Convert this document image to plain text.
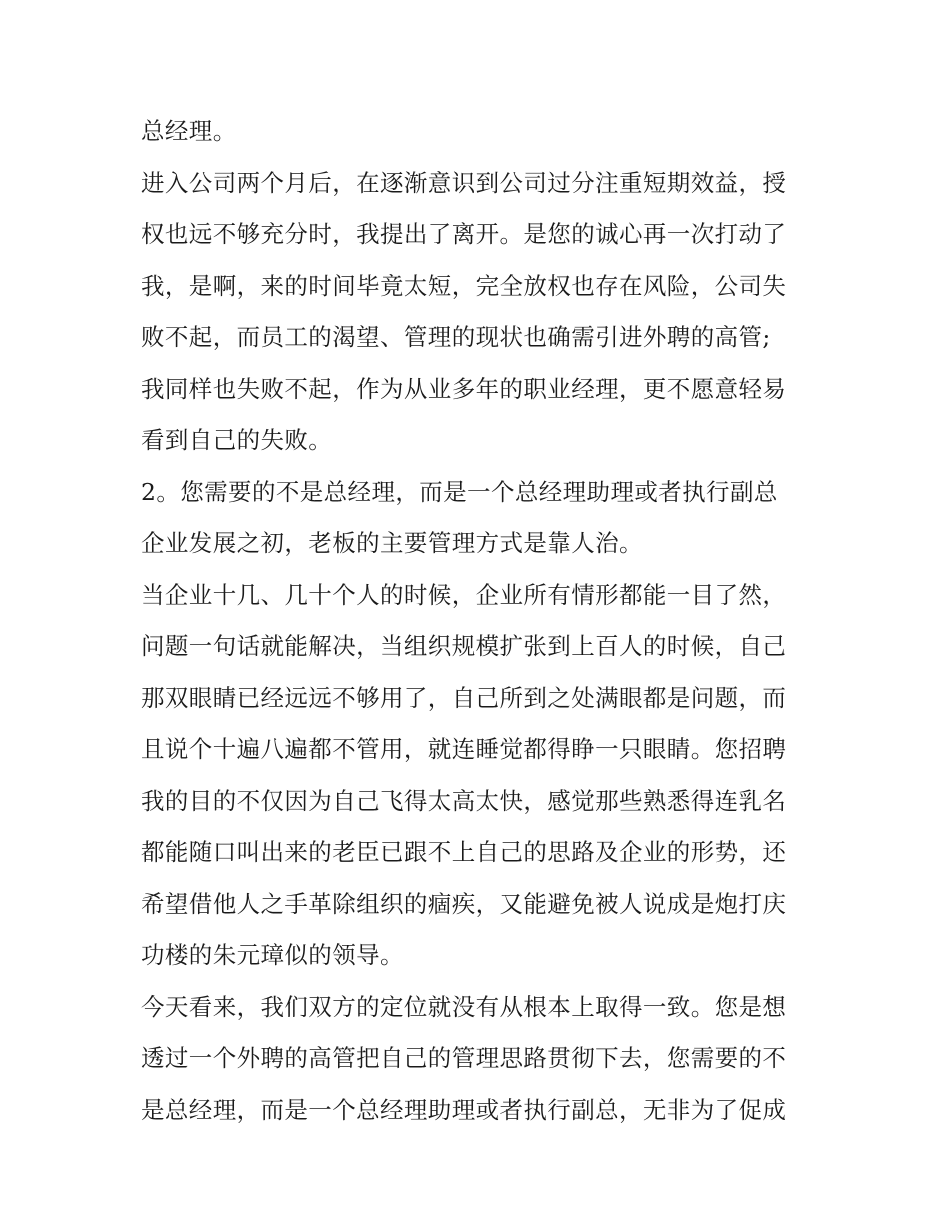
总经理。
进入公司两个月后，在逐渐意识到公司过分注重短期效益，授
权也远不够充分时，我提出了离开。是您的诚心再一次打动了
我，是啊，来的时间毕竟太短，完全放权也存在风险，公司失
败不起，而员工的渴望、管理的现状也确需引进外聘的高管;
我同样也失败不起，作为从业多年的职业经理，更不愿意轻易
看到自己的失败。
2。您需要的不是总经理，而是一个总经理助理或者执行副总
企业发展之初，老板的主要管理方式是靠人治。
当企业十几、几十个人的时候，企业所有情形都能一目了然，
问题一句话就能解决，当组织规模扩张到上百人的时候，自己
那双眼睛已经远远不够用了，自己所到之处满眼都是问题，而
且说个十遍八遍都不管用，就连睡觉都得睁一只眼睛。您招聘
我的目的不仅因为自己飞得太高太快，感觉那些熟悉得连乳名
都能随口叫出来的老臣已跟不上自己的思路及企业的形势，还
希望借他人之手革除组织的痼疾，又能避免被人说成是炮打庆
功楼的朱元璋似的领导。
今天看来，我们双方的定位就没有从根本上取得一致。您是想
透过一个外聘的高管把自己的管理思路贯彻下去，您需要的不
是总经理，而是一个总经理助理或者执行副总，无非为了促成
